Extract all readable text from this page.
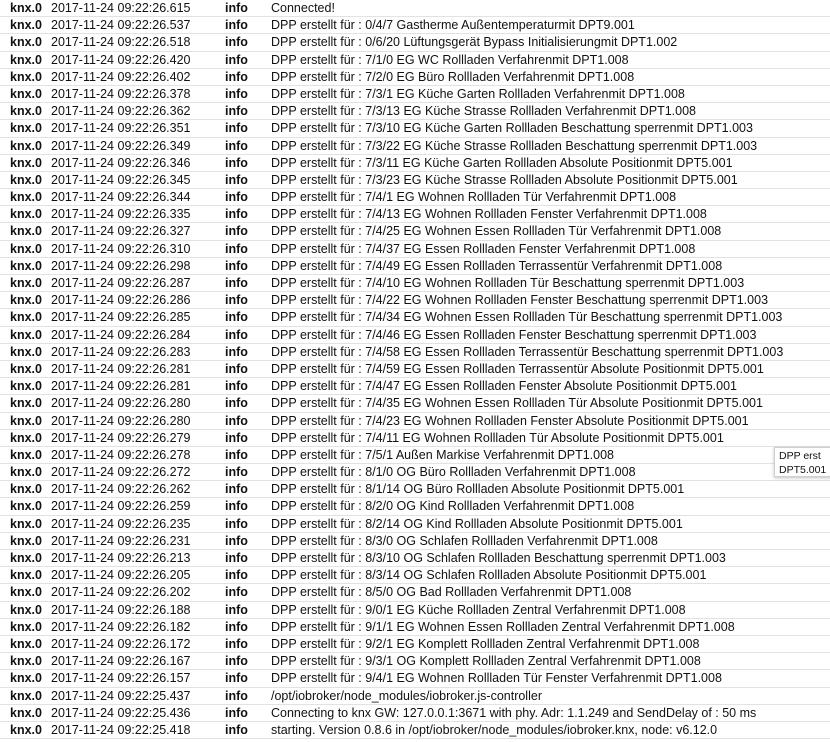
knx.0 2017-11-24 09:22:26.615	info	Connected!
knx.0 2017-11-24 09:22:26.537	info	DPP erstellt für : 0/4/7 Gastherme Außentemperaturmit DPT9.001
knx.0 2017-11-24 09:22:26.518	info	DPP erstellt für : 0/6/20 Lüftungsgerät Bypass Initialisierungmit DPT1.002
knx.0 2017-11-24 09:22:26.420	info	DPP erstellt für : 7/1/0 EG WC Rollladen Verfahrenmit DPT1.008
knx.0 2017-11-24 09:22:26.402	info	DPP erstellt für : 7/2/0 EG Büro Rollladen Verfahrenmit DPT1.008
knx.0 2017-11-24 09:22:26.378	info	DPP erstellt für : 7/3/1 EG Küche Garten Rollladen Verfahrenmit DPT1.008
knx.0 2017-11-24 09:22:26.362	info	DPP erstellt für : 7/3/13 EG Küche Strasse Rollladen Verfahrenmit DPT1.008
knx.0 2017-11-24 09:22:26.351	info	DPP erstellt für : 7/3/10 EG Küche Garten Rollladen Beschattung sperrenmit DPT1.003
knx.0 2017-11-24 09:22:26.349	info	DPP erstellt für : 7/3/22 EG Küche Strasse Rollladen Beschattung sperrenmit DPT1.003
knx.0 2017-11-24 09:22:26.346	info	DPP erstellt für : 7/3/11 EG Küche Garten Rollladen Absolute Positionmit DPT5.001
knx.0 2017-11-24 09:22:26.345	info	DPP erstellt für : 7/3/23 EG Küche Strasse Rollladen Absolute Positionmit DPT5.001
knx.0 2017-11-24 09:22:26.344	info	DPP erstellt für : 7/4/1 EG Wohnen Rollladen Tür Verfahrenmit DPT1.008
knx.0 2017-11-24 09:22:26.335	info	DPP erstellt für : 7/4/13 EG Wohnen Rollladen Fenster Verfahrenmit DPT1.008
knx.0 2017-11-24 09:22:26.327	info	DPP erstellt für : 7/4/25 EG Wohnen Essen Rollladen Tür Verfahrenmit DPT1.008
knx.0 2017-11-24 09:22:26.310	info	DPP erstellt für : 7/4/37 EG Essen Rollladen Fenster Verfahrenmit DPT1.008
knx.0 2017-11-24 09:22:26.298	info	DPP erstellt für : 7/4/49 EG Essen Rollladen Terrassentür Verfahrenmit DPT1.008
knx.0 2017-11-24 09:22:26.287	info	DPP erstellt für : 7/4/10 EG Wohnen Rollladen Tür Beschattung sperrenmit DPT1.003
knx.0 2017-11-24 09:22:26.286	info	DPP erstellt für : 7/4/22 EG Wohnen Rollladen Fenster Beschattung sperrenmit DPT1.003
knx.0 2017-11-24 09:22:26.285	info	DPP erstellt für : 7/4/34 EG Wohnen Essen Rollladen Tür Beschattung sperrenmit DPT1.003
knx.0 2017-11-24 09:22:26.284	info	DPP erstellt für : 7/4/46 EG Essen Rollladen Fenster Beschattung sperrenmit DPT1.003
knx.0 2017-11-24 09:22:26.283	info	DPP erstellt für : 7/4/58 EG Essen Rollladen Terrassentür Beschattung sperrenmit DPT1.003
knx.0 2017-11-24 09:22:26.281	info	DPP erstellt für : 7/4/59 EG Essen Rollladen Terrassentür Absolute Positionmit DPT5.001
knx.0 2017-11-24 09:22:26.281	info	DPP erstellt für : 7/4/47 EG Essen Rollladen Fenster Absolute Positionmit DPT5.001
knx.0 2017-11-24 09:22:26.280	info	DPP erstellt für : 7/4/35 EG Wohnen Essen Rollladen Tür Absolute Positionmit DPT5.001
knx.0 2017-11-24 09:22:26.280	info	DPP erstellt für : 7/4/23 EG Wohnen Rollladen Fenster Absolute Positionmit DPT5.001
knx.0 2017-11-24 09:22:26.279	info	DPP erstellt für : 7/4/11 EG Wohnen Rollladen Tür Absolute Positionmit DPT5.001
knx.0 2017-11-24 09:22:26.278	info	DPP erstellt für : 7/5/1 Außen Markise Verfahrenmit DPT1.008
knx.0 2017-11-24 09:22:26.272	info	DPP erstellt für : 8/1/0 OG Büro Rollladen Verfahrenmit DPT1.008
knx.0 2017-11-24 09:22:26.262	info	DPP erstellt für : 8/1/14 OG Büro Rollladen Absolute Positionmit DPT5.001
knx.0 2017-11-24 09:22:26.259	info	DPP erstellt für : 8/2/0 OG Kind Rollladen Verfahrenmit DPT1.008
knx.0 2017-11-24 09:22:26.235	info	DPP erstellt für : 8/2/14 OG Kind Rollladen Absolute Positionmit DPT5.001
knx.0 2017-11-24 09:22:26.231	info	DPP erstellt für : 8/3/0 OG Schlafen Rollladen Verfahrenmit DPT1.008
knx.0 2017-11-24 09:22:26.213	info	DPP erstellt für : 8/3/10 OG Schlafen Rollladen Beschattung sperrenmit DPT1.003
knx.0 2017-11-24 09:22:26.205	info	DPP erstellt für : 8/3/14 OG Schlafen Rollladen Absolute Positionmit DPT5.001
knx.0 2017-11-24 09:22:26.202	info	DPP erstellt für : 8/5/0 OG Bad Rollladen Verfahrenmit DPT1.008
knx.0 2017-11-24 09:22:26.188	info	DPP erstellt für : 9/0/1 EG Küche Rollladen Zentral Verfahrenmit DPT1.008
knx.0 2017-11-24 09:22:26.182	info	DPP erstellt für : 9/1/1 EG Wohnen Essen Rollladen Zentral Verfahrenmit DPT1.008
knx.0 2017-11-24 09:22:26.172	info	DPP erstellt für : 9/2/1 EG Komplett Rollladen Zentral Verfahrenmit DPT1.008
knx.0 2017-11-24 09:22:26.167	info	DPP erstellt für : 9/3/1 OG Komplett Rollladen Zentral Verfahrenmit DPT1.008
knx.0 2017-11-24 09:22:26.157	info	DPP erstellt für : 9/4/1 EG Wohnen Rollladen Tür Fenster Verfahrenmit DPT1.008
knx.0 2017-11-24 09:22:25.437	info	/opt/iobroker/node_modules/iobroker.js-controller
knx.0 2017-11-24 09:22:25.436	info	Connecting to knx GW: 127.0.0.1:3671 with phy. Adr: 1.1.249 and SendDelay of : 50 ms
knx.0 2017-11-24 09:22:25.418	info	starting. Version 0.8.6 in /opt/iobroker/node_modules/iobroker.knx, node: v6.12.0
DPP erst
DPT5.001
